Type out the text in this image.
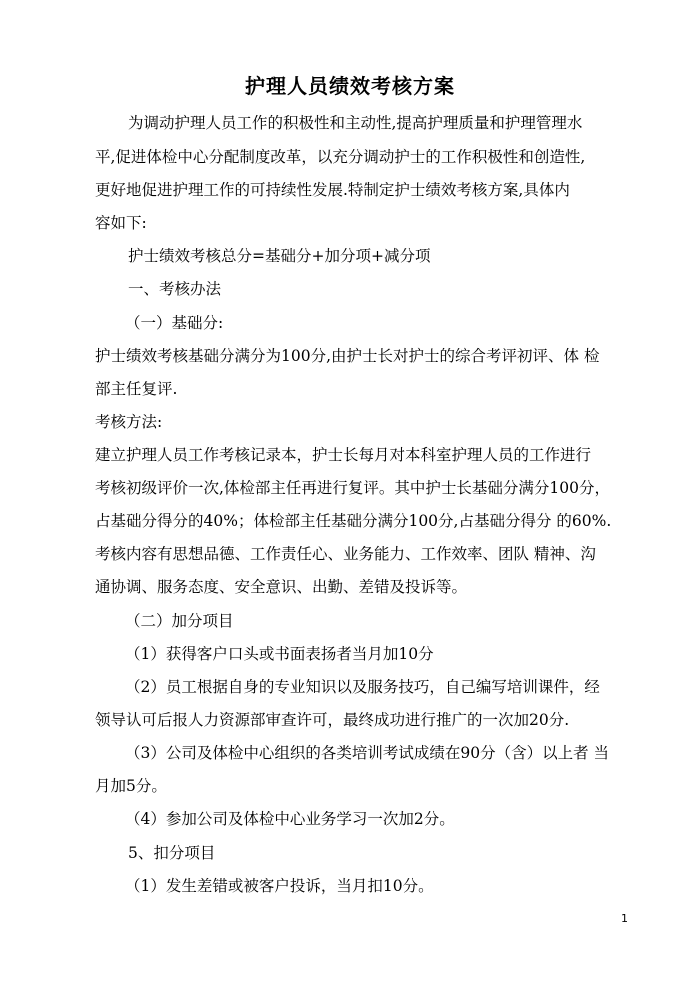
护理人员绩效考核方案
为调动护理人员工作的积极性和主动性,提高护理质量和护理管理水
平,促进体检中心分配制度改革，以充分调动护士的工作积极性和创造性,
更好地促进护理工作的可持续性发展.特制定护士绩效考核方案,具体内
容如下:
护士绩效考核总分=基础分+加分项+减分项
一、考核办法
（一）基础分:
护士绩效考核基础分满分为100分,由护士长对护士的综合考评初评、体 检
部主任复评.
考核方法:
建立护理人员工作考核记录本，护士长每月对本科室护理人员的工作进行
考核初级评价一次,体检部主任再进行复评。其中护士长基础分满分100分，
占基础分得分的40%；体检部主任基础分满分100分,占基础分得分 的60%.
考核内容有思想品德、工作责任心、业务能力、工作效率、团队 精神、沟
通协调、服务态度、安全意识、出勤、差错及投诉等。
（二）加分项目
（1）获得客户口头或书面表扬者当月加10分
（2）员工根据自身的专业知识以及服务技巧，自己编写培训课件，经
领导认可后报人力资源部审查许可，最终成功进行推广的一次加20分.
（3）公司及体检中心组织的各类培训考试成绩在90分（含）以上者 当
月加5分。
（4）参加公司及体检中心业务学习一次加2分。
5、扣分项目
（1）发生差错或被客户投诉，当月扣10分。
1
